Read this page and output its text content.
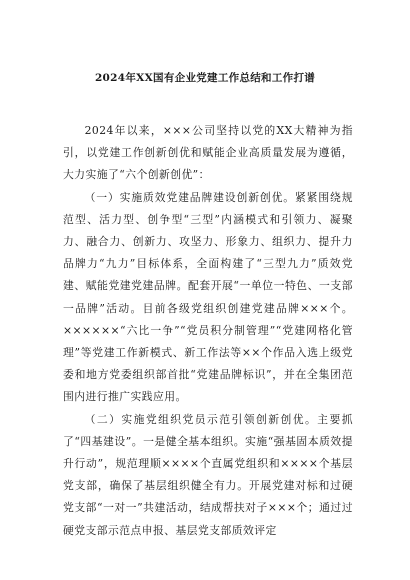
2024年XX国有企业党建工作总结和工作打谱

2024年以来，×××公司坚持以党的XX大精神为指引，以党建工作创新创优和赋能企业高质量发展为遵循，大力实施了“六个创新创优”：

（一）实施质效党建品牌建设创新创优。紧紧围绕规范型、活力型、创争型“三型”内涵模式和引领力、凝聚力、融合力、创新力、攻坚力、形象力、组织力、提升力品牌力“九力”目标体系，全面构建了“三型九力”质效党建、赋能党建党建品牌。配套开展“一单位一特色、一支部一品牌”活动。目前各级党组织创建党建品牌×××个。××××××“六比一争”“党员积分制管理”“党建网格化管理”等党建工作新模式、新工作法等××个作品入选上级党委和地方党委组织部首批“党建品牌标识”，并在全集团范围内进行推广实践应用。

（二）实施党组织党员示范引领创新创优。主要抓了“四基建设”。一是健全基本组织。实施“强基固本质效提升行动”，规范理顺××××个直属党组织和××××个基层党支部，确保了基层组织健全有力。开展党建对标和过硬党支部“一对一”共建活动，结成帮扶对子×××个；通过过硬党支部示范点申报、基层党支部质效评定
